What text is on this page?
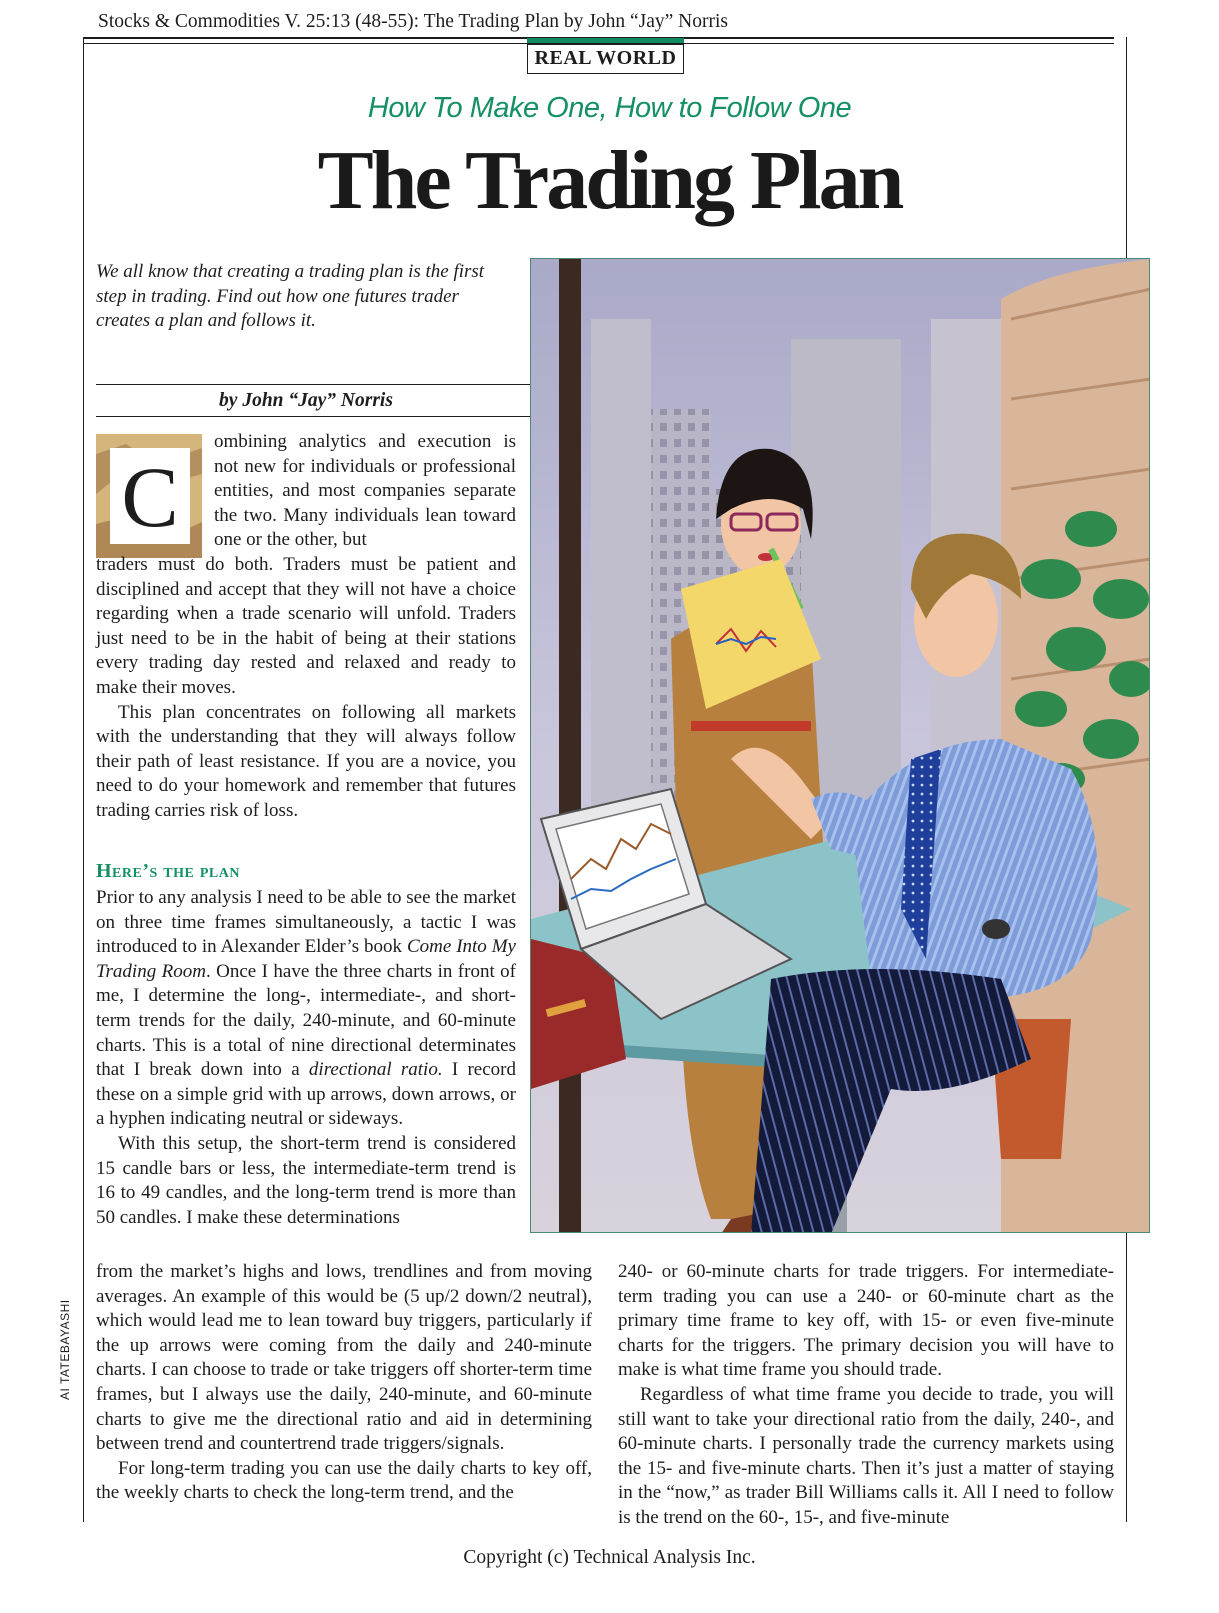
Stocks & Commodities V. 25:13 (48-55): The Trading Plan by John “Jay” Norris
REAL WORLD
How To Make One, How to Follow One
The Trading Plan
We all know that creating a trading plan is the first step in trading. Find out how one futures trader creates a plan and follows it.
by John “Jay” Norris
C

ombining analytics and execution is not new for individuals or professional entities, and most companies separate the two. Many individuals lean toward one or the other, but

traders must do both. Traders must be patient and disciplined and accept that they will not have a choice regarding when a trade scenario will unfold. Traders just need to be in the habit of being at their stations every trading day rested and relaxed and ready to make their moves.

This plan concentrates on following all markets with the understanding that they will always follow their path of least resistance. If you are a novice, you need to do your homework and remember that futures trading carries risk of loss.

Here’s the plan

Prior to any analysis I need to be able to see the market on three time frames simultaneously, a tactic I was introduced to in Alexander Elder’s book Come Into My Trading Room. Once I have the three charts in front of me, I determine the long-, intermediate-, and short-term trends for the daily, 240-minute, and 60-minute charts. This is a total of nine directional determinates that I break down into a directional ratio. I record these on a simple grid with up arrows, down arrows, or a hyphen indicating neutral or sideways.

With this setup, the short-term trend is considered 15 candle bars or less, the intermediate-term trend is 16 to 49 candles, and the long-term trend is more than 50 candles. I make these determinations

from the market’s highs and lows, trendlines and from moving averages. An example of this would be (5 up/2 down/2 neutral), which would lead me to lean toward buy triggers, particularly if the up arrows were coming from the daily and 240-minute charts. I can choose to trade or take triggers off shorter-term time frames, but I always use the daily, 240-minute, and 60-minute charts to give me the directional ratio and aid in determining between trend and countertrend trade triggers/signals.

For long-term trading you can use the daily charts to key off, the weekly charts to check the long-term trend, and the

240- or 60-minute charts for trade triggers. For intermediate-term trading you can use a 240- or 60-minute chart as the primary time frame to key off, with 15- or even five-minute charts for the triggers. The primary decision you will have to make is what time frame you should trade.

Regardless of what time frame you decide to trade, you will still want to take your directional ratio from the daily, 240-, and 60-minute charts. I personally trade the currency markets using the 15- and five-minute charts. Then it’s just a matter of staying in the “now,” as trader Bill Williams calls it. All I need to follow is the trend on the 60-, 15-, and five-minute

AI TATEBAYASHI
Copyright (c) Technical Analysis Inc.
